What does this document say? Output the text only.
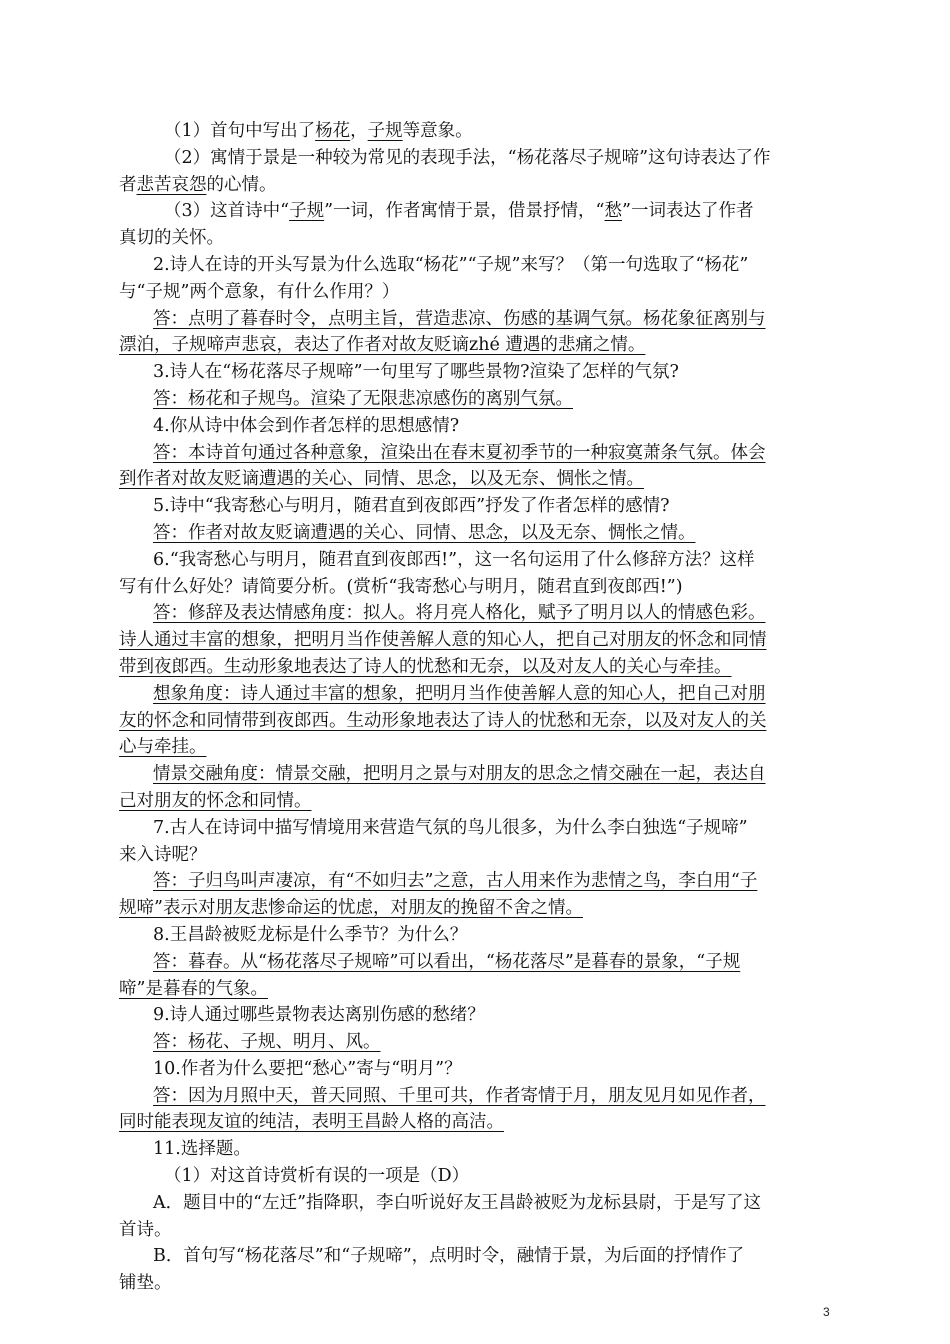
（1）首句中写出了杨花，子规等意象。
（2）寓情于景是一种较为常见的表现手法，“杨花落尽子规啼”这句诗表达了作
者悲苦哀怨的心情。
（3）这首诗中“子规”一词，作者寓情于景，借景抒情，“愁”一词表达了作者
真切的关怀。
2.诗人在诗的开头写景为什么选取“杨花”“子规”来写？（第一句选取了“杨花”
与“子规”两个意象，有什么作用？）
答：点明了暮春时令，点明主旨，营造悲凉、伤感的基调气氛。杨花象征离别与
漂泊，子规啼声悲哀，表达了作者对故友贬谪zhé 遭遇的悲痛之情。
3.诗人在“杨花落尽子规啼”一句里写了哪些景物?渲染了怎样的气氛?
答：杨花和子规鸟。渲染了无限悲凉感伤的离别气氛。
4.你从诗中体会到作者怎样的思想感情?
答：本诗首句通过各种意象，渲染出在春末夏初季节的一种寂寞萧条气氛。体会
到作者对故友贬谪遭遇的关心、同情、思念，以及无奈、惆怅之情。
5.诗中“我寄愁心与明月，随君直到夜郎西”抒发了作者怎样的感情?
答：作者对故友贬谪遭遇的关心、同情、思念，以及无奈、惆怅之情。
6.“我寄愁心与明月，随君直到夜郎西!”，这一名句运用了什么修辞方法？这样
写有什么好处？请简要分析。(赏析“我寄愁心与明月，随君直到夜郎西!”)
答：修辞及表达情感角度：拟人。将月亮人格化，赋予了明月以人的情感色彩。
诗人通过丰富的想象，把明月当作使善解人意的知心人，把自己对朋友的怀念和同情
带到夜郎西。生动形象地表达了诗人的忧愁和无奈，以及对友人的关心与牵挂。
想象角度：诗人通过丰富的想象，把明月当作使善解人意的知心人，把自己对朋
友的怀念和同情带到夜郎西。生动形象地表达了诗人的忧愁和无奈，以及对友人的关
心与牵挂。
情景交融角度：情景交融，把明月之景与对朋友的思念之情交融在一起，表达自
己对朋友的怀念和同情。
7.古人在诗词中描写情境用来营造气氛的鸟儿很多，为什么李白独选“子规啼”
来入诗呢？
答：子归鸟叫声凄凉，有“不如归去”之意，古人用来作为悲情之鸟，李白用“子
规啼”表示对朋友悲惨命运的忧虑，对朋友的挽留不舍之情。
8.王昌龄被贬龙标是什么季节？为什么？
答：暮春。从“杨花落尽子规啼”可以看出，“杨花落尽”是暮春的景象，“子规
啼”是暮春的气象。
9.诗人通过哪些景物表达离别伤感的愁绪？
答：杨花、子规、明月、风。
10.作者为什么要把“愁心”寄与“明月”？
答：因为月照中天，普天同照、千里可共，作者寄情于月，朋友见月如见作者，
同时能表现友谊的纯洁，表明王昌龄人格的高洁。
11.选择题。
（1）对这首诗赏析有误的一项是（D）
A．题目中的“左迁”指降职，李白听说好友王昌龄被贬为龙标县尉，于是写了这
首诗。
B．首句写“杨花落尽”和“子规啼”，点明时令，融情于景，为后面的抒情作了
铺垫。
3
